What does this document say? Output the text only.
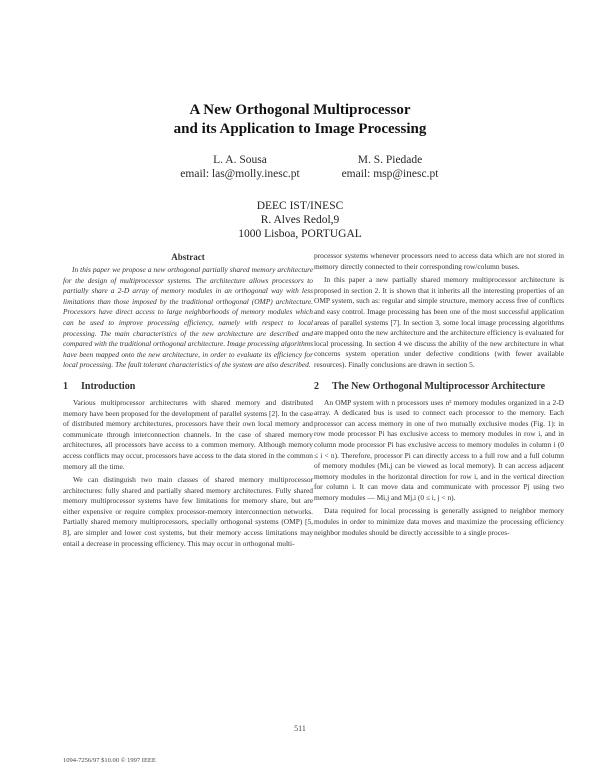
A New Orthogonal Multiprocessor
and its Application to Image Processing
L. A. Sousa
email: las@molly.inesc.pt
M. S. Piedade
email: msp@inesc.pt
DEEC IST/INESC
R. Alves Redol,9
1000 Lisboa, PORTUGAL
Abstract

In this paper we propose a new orthogonal partially shared memory architecture for the design of multiprocessor systems. The architecture allows processors to partially share a 2-D array of memory modules in an orthogonal way with less limitations than those imposed by the traditional orthogonal (OMP) architecture. Processors have direct access to large neighborhoods of memory modules which can be used to improve processing efficiency, namely with respect to local processing. The main characteristics of the new architecture are described and compared with the traditional orthogonal architecture. Image processing algorithms have been mapped onto the new architecture, in order to evaluate its efficiency for local processing. The fault tolerant characteristics of the system are also described.

1	Introduction

Various multiprocessor architectures with shared memory and distributed memory have been proposed for the development of parallel systems [2]. In the case of distributed memory architectures, processors have their own local memory and communicate through interconnection channels. In the case of shared memory architectures, all processors have access to a common memory. Although memory access conflicts may occur, processors have access to the data stored in the common memory all the time.

We can distinguish two main classes of shared memory multiprocessor architectures: fully shared and partially shared memory architectures. Fully shared memory multiprocessor systems have few limitations for memory share, but are either expensive or require complex processor-memory interconnection networks. Partially shared memory multiprocessors, specially orthogonal systems (OMP) [5, 8], are simpler and lower cost systems, but their memory access limitations may entail a decrease in processing efficiency. This may occur in orthogonal multi-

processor systems whenever processors need to access data which are not stored in memory directly connected to their corresponding row/column buses.

In this paper a new partially shared memory multiprocessor architecture is proposed in section 2. It is shown that it inherits all the interesting properties of an OMP system, such as: regular and simple structure, memory access free of conflicts and easy control. Image processing has been one of the most successful application areas of parallel systems [7]. In section 3, some local image processing algorithms are mapped onto the new architecture and the architecture efficiency is evaluated for local processing. In section 4 we discuss the ability of the new architecture in what concerns system operation under defective conditions (with fewer available resources). Finally conclusions are drawn in section 5.

2	The New Orthogonal Multiprocessor Architecture

An OMP system with n processors uses n² memory modules organized in a 2-D array. A dedicated bus is used to connect each processor to the memory. Each processor can access memory in one of two mutually exclusive modes (Fig. 1): in row mode processor Pi has exclusive access to memory modules in row i, and in column mode processor Pi has exclusive access to memory modules in column i (0 ≤ i < n). Therefore, processor Pi can directly access to a full row and a full column of memory modules (Mi,j can be viewed as local memory). It can access adjacent memory modules in the horizontal direction for row i, and in the vertical direction for column i. It can move data and communicate with processor Pj using two memory modules — Mi,j and Mj,i (0 ≤ i, j < n).

Data required for local processing is generally assigned to neighbor memory modules in order to minimize data moves and maximize the processing efficiency neighbor modules should be directly accessible to a single proces-

511
1094-7256/97 $10.00 © 1997 IEEE
